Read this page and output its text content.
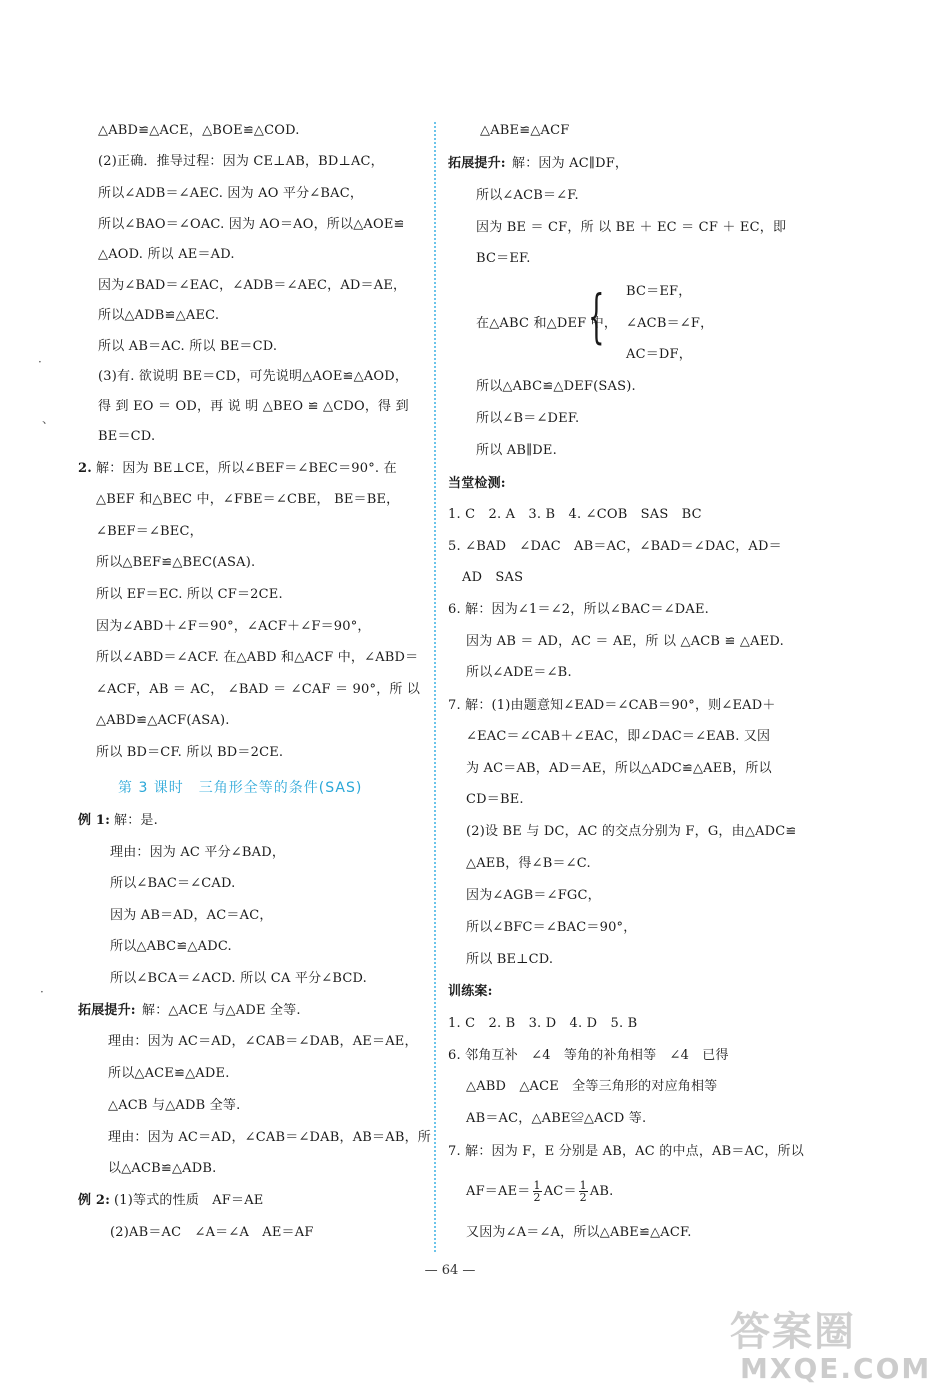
△ABD≌△ACE，△BOE≌△COD.
(2)正确．推导过程：因为 CE⊥AB，BD⊥AC，
所以∠ADB＝∠AEC. 因为 AO 平分∠BAC，
所以∠BAO＝∠OAC. 因为 AO＝AO，所以△AOE≌
△AOD. 所以 AE＝AD.
因为∠BAD＝∠EAC，∠ADB＝∠AEC，AD＝AE，
所以△ADB≌△AEC.
所以 AB＝AC. 所以 BE＝CD.
(3)有. 欲说明 BE＝CD，可先说明△AOE≌△AOD，
得 到 EO ＝ OD，再 说 明 △BEO ≌ △CDO，得 到
BE＝CD.
2. 解：因为 BE⊥CE，所以∠BEF＝∠BEC＝90°. 在
△BEF 和△BEC 中，∠FBE＝∠CBE， BE＝BE，
∠BEF＝∠BEC，
所以△BEF≌△BEC(ASA).
所以 EF＝EC. 所以 CF＝2CE.
因为∠ABD＋∠F＝90°，∠ACF＋∠F＝90°，
所以∠ABD＝∠ACF. 在△ABD 和△ACF 中，∠ABD＝
∠ACF，AB ＝ AC， ∠BAD ＝ ∠CAF ＝ 90°，所 以
△ABD≌△ACF(ASA).
所以 BD＝CF. 所以 BD＝2CE.
第 3 课时　三角形全等的条件(SAS)
例 1: 解：是.
理由：因为 AC 平分∠BAD，
所以∠BAC＝∠CAD.
因为 AB＝AD，AC＝AC，
所以△ABC≌△ADC.
所以∠BCA＝∠ACD. 所以 CA 平分∠BCD.
拓展提升: 解：△ACE 与△ADE 全等.
理由：因为 AC＝AD，∠CAB＝∠DAB，AE＝AE，
所以△ACE≌△ADE.
△ACB 与△ADB 全等.
理由：因为 AC＝AD，∠CAB＝∠DAB，AB＝AB，所
以△ACB≌△ADB.
例 2: (1)等式的性质　AF＝AE
(2)AB＝AC　∠A＝∠A　AE＝AF
△ABE≌△ACF
拓展提升: 解：因为 AC∥DF，
所以∠ACB＝∠F.
因为 BE ＝ CF，所 以 BE ＋ EC ＝ CF ＋ EC，即
BC＝EF.
在△ABC 和△DEF 中，
{ BC＝EF，
∠ACB＝∠F，
AC＝DF，
所以△ABC≌△DEF(SAS).
所以∠B＝∠DEF.
所以 AB∥DE.
当堂检测:
1. C　2. A　3. B　4. ∠COB　SAS　BC
5. ∠BAD　∠DAC　AB＝AC，∠BAD＝∠DAC，AD＝
AD　SAS
6. 解：因为∠1＝∠2，所以∠BAC＝∠DAE.
因为 AB ＝ AD，AC ＝ AE，所 以 △ACB ≌ △AED.
所以∠ADE＝∠B.
7. 解：(1)由题意知∠EAD＝∠CAB＝90°，则∠EAD＋
∠EAC＝∠CAB＋∠EAC，即∠DAC＝∠EAB. 又因
为 AC＝AB，AD＝AE，所以△ADC≌△AEB，所以
CD＝BE.
(2)设 BE 与 DC，AC 的交点分别为 F，G，由△ADC≌
△AEB，得∠B＝∠C.
因为∠AGB＝∠FGC，
所以∠BFC＝∠BAC＝90°，
所以 BE⊥CD.
训练案:
1. C　2. B　3. D　4. D　5. B
6. 邻角互补　∠4　等角的补角相等　∠4　已得
△ABD　△ACE　全等三角形的对应角相等
AB＝AC，△ABE≌△ACD 等.
7. 解：因为 F，E 分别是 AB，AC 的中点，AB＝AC，所以
$AF=AE= \frac{1}{2} AC= \frac{1}{2}$ AB.
又因为∠A＝∠A，所以△ABE≌△ACF.
·
、
·
— 64 —
答案圈
MXQE.COM
